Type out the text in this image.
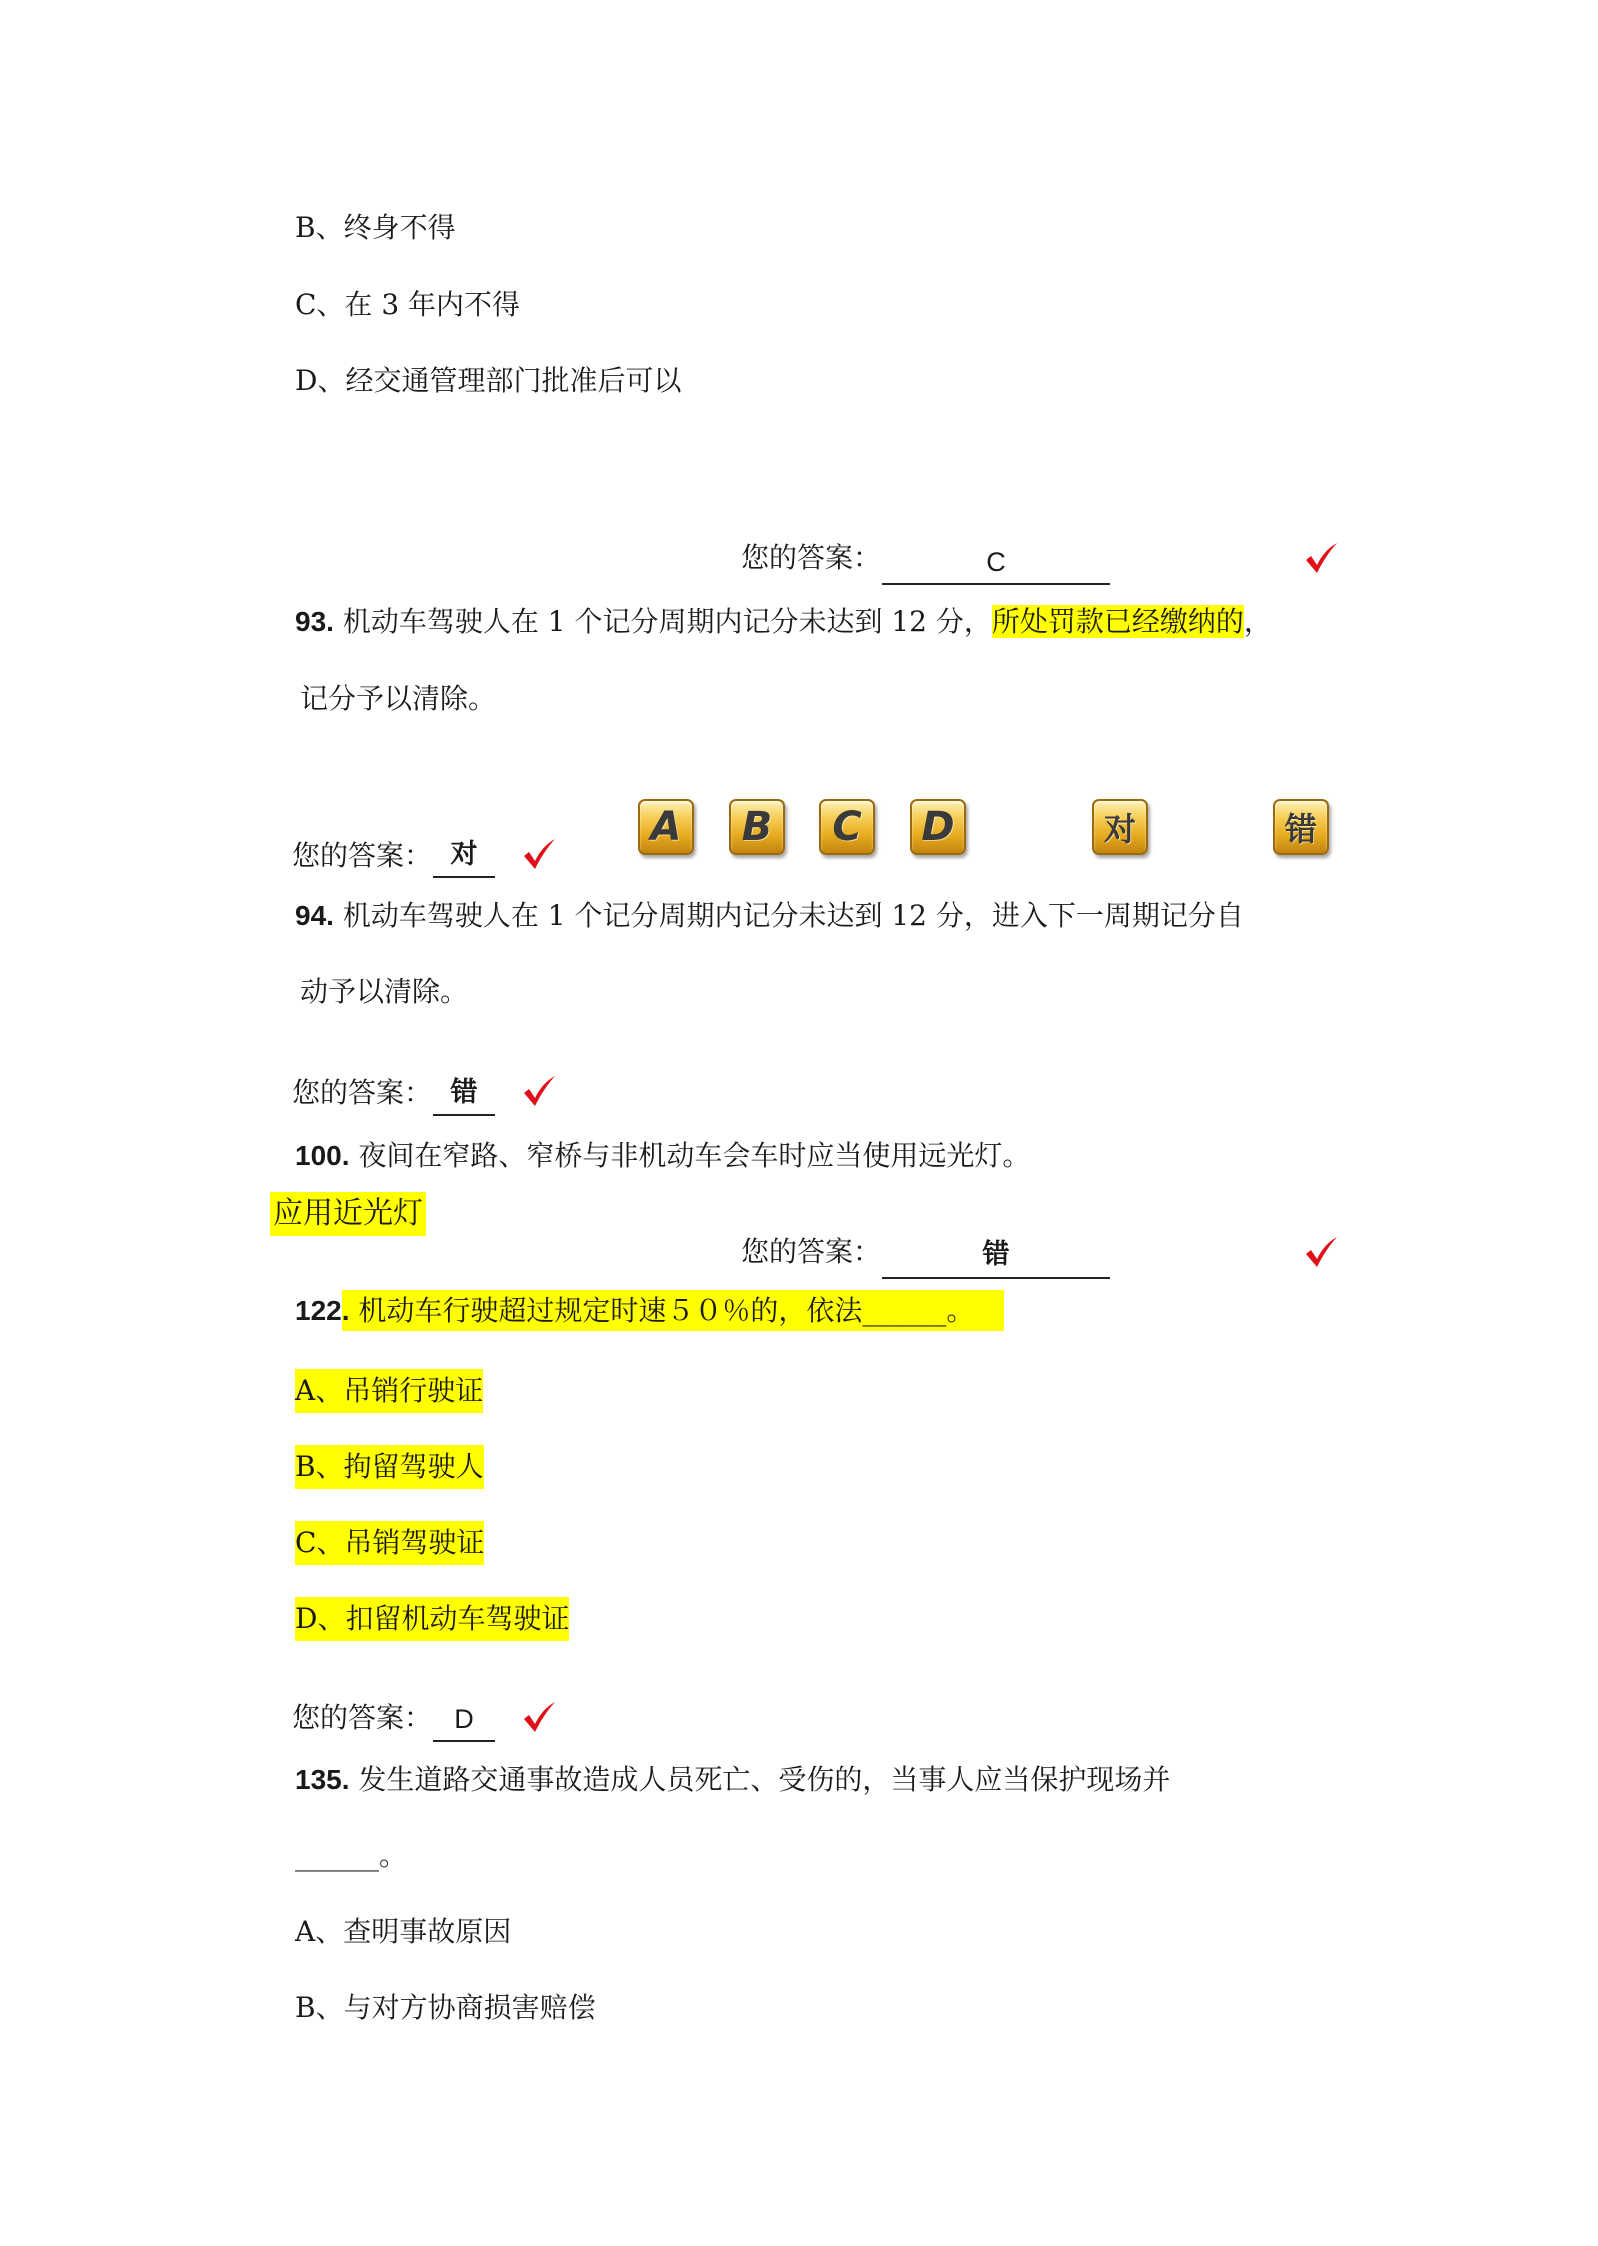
B、终身不得
C、在 3 年内不得
D、经交通管理部门批准后可以
您的答案：	C
93. 机动车驾驶人在 1 个记分周期内记分未达到 12 分，所处罚款已经缴纳的，
记分予以清除。
A B C D	对	错
您的答案： 对
94. 机动车驾驶人在 1 个记分周期内记分未达到 12 分，进入下一周期记分自
动予以清除。
您的答案： 错
100. 夜间在窄路、窄桥与非机动车会车时应当使用远光灯。
应用近光灯
您的答案：	错
122. 机动车行驶超过规定时速５０％的，依法______。
A、吊销行驶证
B、拘留驾驶人
C、吊销驾驶证
D、扣留机动车驾驶证
您的答案： D
135. 发生道路交通事故造成人员死亡、受伤的，当事人应当保护现场并
______。
A、查明事故原因
B、与对方协商损害赔偿
